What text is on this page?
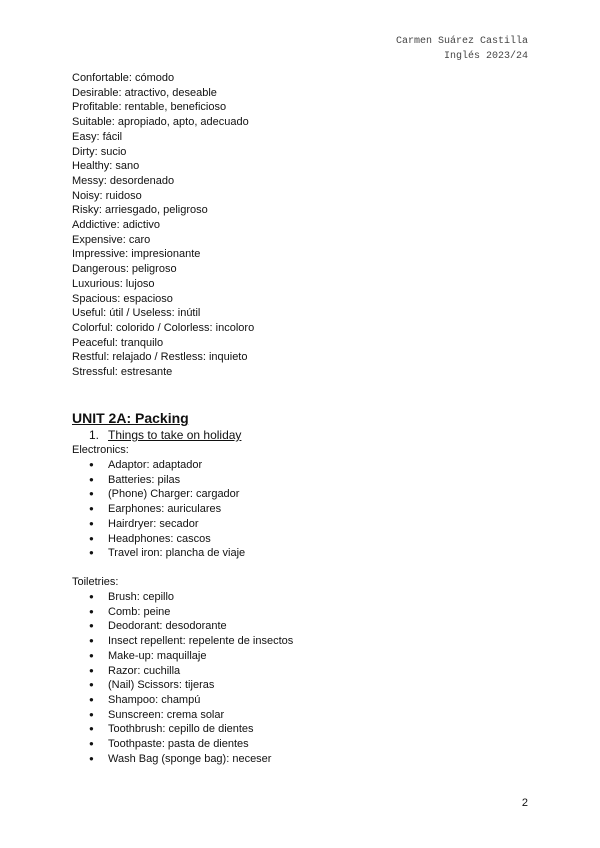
Carmen Suárez Castilla
Inglés 2023/24
Confortable: cómodo
Desirable: atractivo, deseable
Profitable: rentable, beneficioso
Suitable: apropiado, apto, adecuado
Easy: fácil
Dirty: sucio
Healthy: sano
Messy: desordenado
Noisy: ruidoso
Risky: arriesgado, peligroso
Addictive: adictivo
Expensive: caro
Impressive: impresionante
Dangerous: peligroso
Luxurious: lujoso
Spacious: espacioso
Useful: útil / Useless: inútil
Colorful: colorido / Colorless: incoloro
Peaceful: tranquilo
Restful: relajado / Restless: inquieto
Stressful: estresante
UNIT 2A: Packing
1. Things to take on holiday
Electronics:
● Adaptor: adaptador
● Batteries: pilas
● (Phone) Charger: cargador
● Earphones: auriculares
● Hairdryer: secador
● Headphones: cascos
● Travel iron: plancha de viaje
Toiletries:
● Brush: cepillo
● Comb: peine
● Deodorant: desodorante
● Insect repellent: repelente de insectos
● Make-up: maquillaje
● Razor: cuchilla
● (Nail) Scissors: tijeras
● Shampoo: champú
● Sunscreen: crema solar
● Toothbrush: cepillo de dientes
● Toothpaste: pasta de dientes
● Wash Bag (sponge bag): neceser
2
